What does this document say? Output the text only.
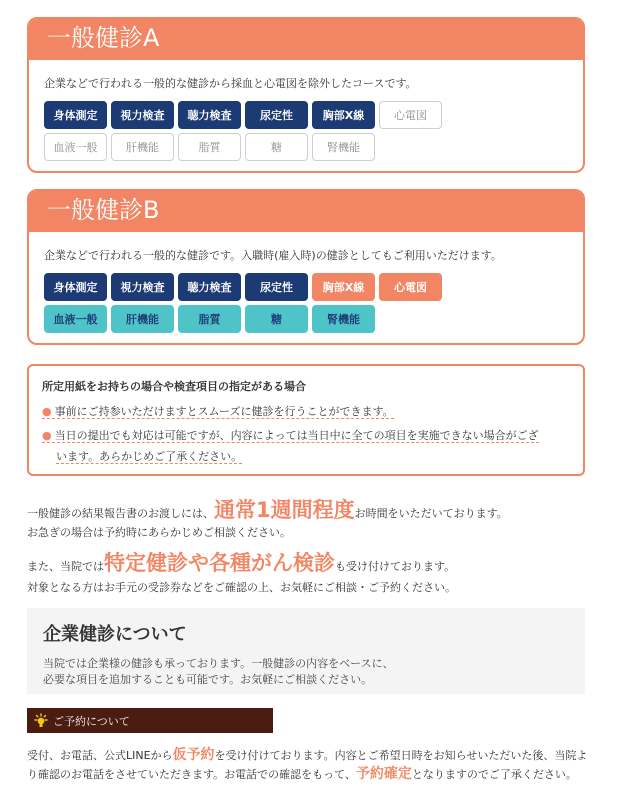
一般健診A
企業などで行われる一般的な健診から採血と心電図を除外したコースです。
身体測定	視力検査	聴力検査	尿定性	胸部X線	心電図
血液一般	肝機能	脂質	糖	腎機能
一般健診B
企業などで行われる一般的な健診です。入職時(雇入時)の健診としてもご利用いただけます。
身体測定	視力検査	聴力検査	尿定性	胸部X線	心電図
血液一般	肝機能	脂質	糖	腎機能
所定用紙をお持ちの場合や検査項目の指定がある場合
● 事前にご持参いただけますとスムーズに健診を行うことができます。
● 当日の提出でも対応は可能ですが、内容によっては当日中に全ての項目を実施できない場合がござ
います。あらかじめご了承ください。
一般健診の結果報告書のお渡しには、通常1週間程度お時間をいただいております。
お急ぎの場合は予約時にあらかじめご相談ください。
また、当院では特定健診や各種がん検診も受け付けております。
対象となる方はお手元の受診券などをご確認の上、お気軽にご相談・ご予約ください。
企業健診について
当院では企業様の健診も承っております。一般健診の内容をベースに、
必要な項目を追加することも可能です。お気軽にご相談ください。
ご予約について
受付、お電話、公式LINEから仮予約を受け付けております。内容とご希望日時をお知らせいただいた後、当院よ
り確認のお電話をさせていただきます。お電話での確認をもって、予約確定となりますのでご了承ください。
